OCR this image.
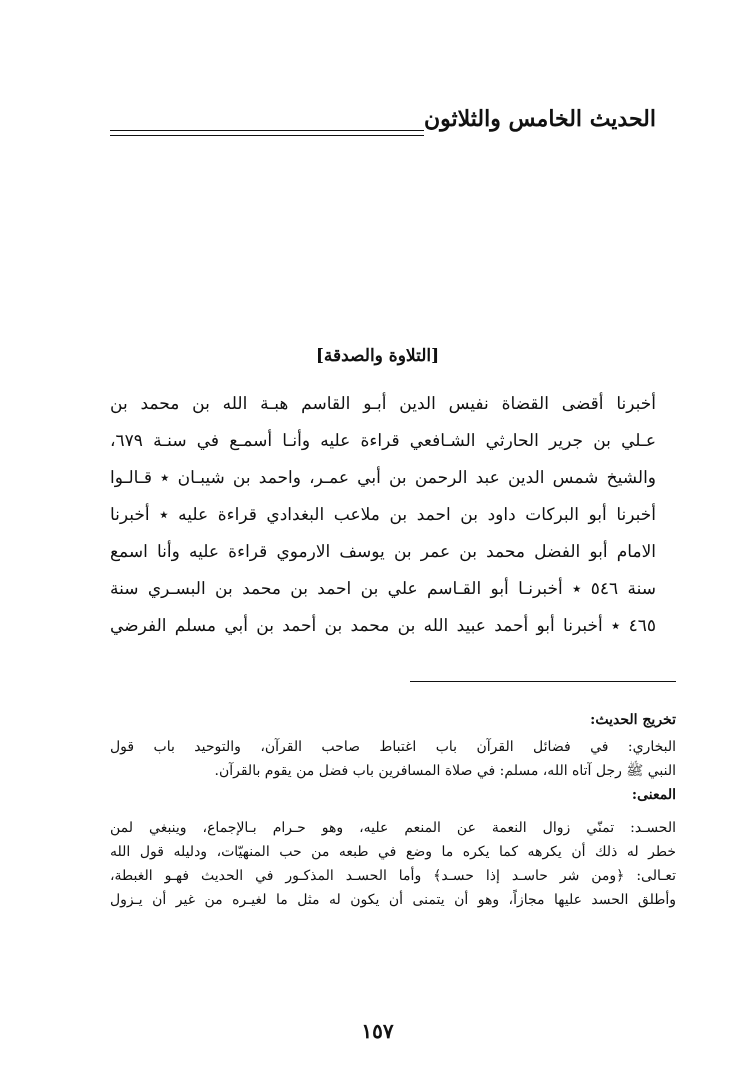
الحديث الخامس والثلاثون
[التلاوة والصدقة]
أخبرنا أقضى القضاة نفيس الدين أبـو القاسم هبـة الله بن محمد بن
عـلي بن جرير الحارثي الشـافعي قراءة عليه وأنـا أسمـع في سنـة ٦٧٩،
والشيخ شمس الدين عبد الرحمن بن أبي عمـر، واحمد بن شيبـان ٭ قـالـوا
أخبرنا أبو البركات داود بن احمد بن ملاعب البغدادي قراءة عليه ٭ أخبرنا
الامام أبو الفضل محمد بن عمر بن يوسف الارموي قراءة عليه وأنا اسمع
سنة ٥٤٦ ٭ أخبرنـا أبو القـاسم علي بن احمد بن محمد بن البسـري سنة
٤٦٥ ٭ أخبرنا أبو أحمد عبيد الله بن محمد بن أحمد بن أبي مسلم الفرضي
تخريج الحديث:
البخاري: في فضائل القرآن باب اغتباط صاحب القرآن، والتوحيد باب قول
النبي ﷺ رجل آتاه الله، مسلم: في صلاة المسافرين باب فضل من يقوم بالقرآن.
المعنى:
الحسـد: تمنّي زوال النعمة عن المنعم عليه، وهو حـرام بـالإجماع، وينبغي لمن
خطر له ذلك أن يكرهه كما يكره ما وضع في طبعه من حب المنهيّات، ودليله قول الله
تعـالى: ﴿ومن شر حاسـد إذا حسـد﴾ وأما الحسـد المذكـور في الحديث فهـو الغبطة،
وأطلق الحسد عليها مجازاً، وهو أن يتمنى أن يكون له مثل ما لغيـره من غير أن يـزول
١٥٧
